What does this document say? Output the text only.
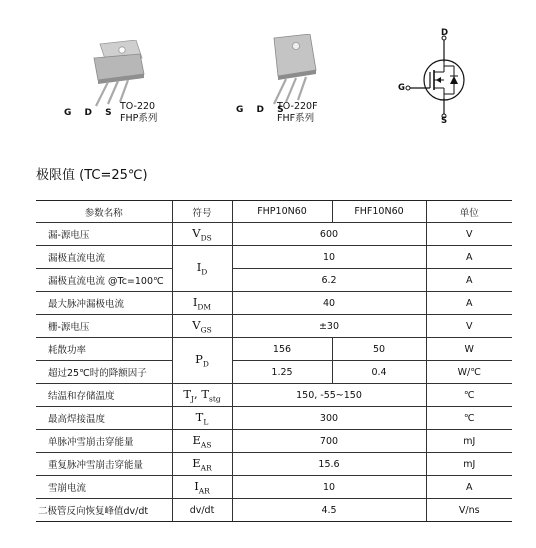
G D S
TO-220
FHP系列
G D S
TO-220F
FHF系列
D
G
S
极限值 (TC=25℃)
参数名称	符号	FHP10N60	FHF10N60	单位
漏-源电压	$V_{DS}$	600		V
漏极直流电流	$I_D$	10		A
漏极直流电流 @Tc=100℃		6.2		A
最大脉冲漏极电流	$I_{DM}$	40		A
栅-源电压	$V_{GS}$	±30		V
耗散功率	$P_D$	156	50	W
超过25℃时的降额因子		1.25	0.4	W/℃
结温和存储温度	$T_J$, $T_{stg}$	150, -55~150		℃
最高焊接温度	$T_L$	300		℃
单脉冲雪崩击穿能量	$E_{AS}$	700		mJ
重复脉冲雪崩击穿能量	$E_{AR}$	15.6		mJ
雪崩电流	$I_{AR}$	10		A
二极管反向恢复峰值dv/dt	dv/dt	4.5		V/ns
